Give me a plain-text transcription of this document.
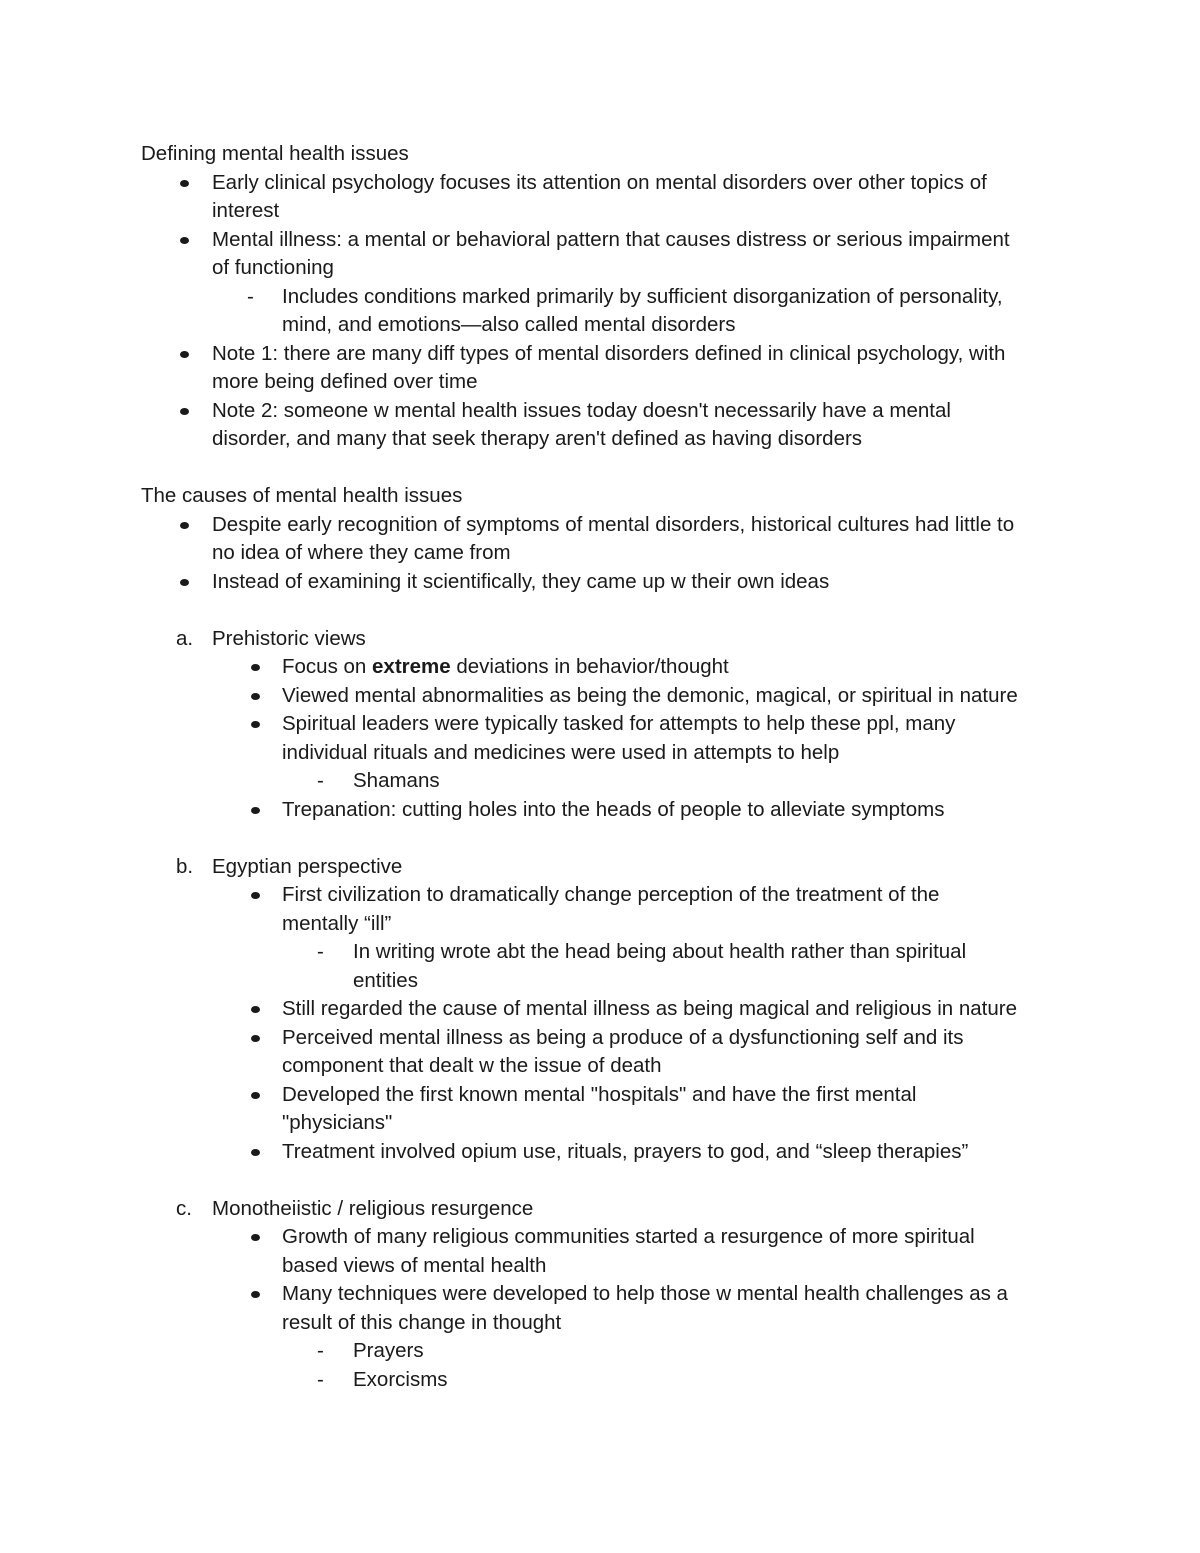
Defining mental health issues
Early clinical psychology focuses its attention on mental disorders over other topics of
interest
Mental illness: a mental or behavioral pattern that causes distress or serious impairment
of functioning
-	Includes conditions marked primarily by sufficient disorganization of personality,
mind, and emotions—also called mental disorders
Note 1: there are many diff types of mental disorders defined in clinical psychology, with
more being defined over time
Note 2: someone w mental health issues today doesn't necessarily have a mental
disorder, and many that seek therapy aren't defined as having disorders
The causes of mental health issues
Despite early recognition of symptoms of mental disorders, historical cultures had little to
no idea of where they came from
Instead of examining it scientifically, they came up w their own ideas
a. Prehistoric views
Focus on extreme deviations in behavior/thought
Viewed mental abnormalities as being the demonic, magical, or spiritual in nature
Spiritual leaders were typically tasked for attempts to help these ppl, many
individual rituals and medicines were used in attempts to help
-	Shamans
Trepanation: cutting holes into the heads of people to alleviate symptoms
b. Egyptian perspective
First civilization to dramatically change perception of the treatment of the
mentally “ill”
-	In writing wrote abt the head being about health rather than spiritual
entities
Still regarded the cause of mental illness as being magical and religious in nature
Perceived mental illness as being a produce of a dysfunctioning self and its
component that dealt w the issue of death
Developed the first known mental "hospitals" and have the first mental
"physicians"
Treatment involved opium use, rituals, prayers to god, and “sleep therapies”
c. Monotheiistic / religious resurgence
Growth of many religious communities started a resurgence of more spiritual
based views of mental health
Many techniques were developed to help those w mental health challenges as a
result of this change in thought
-	Prayers
-	Exorcisms
